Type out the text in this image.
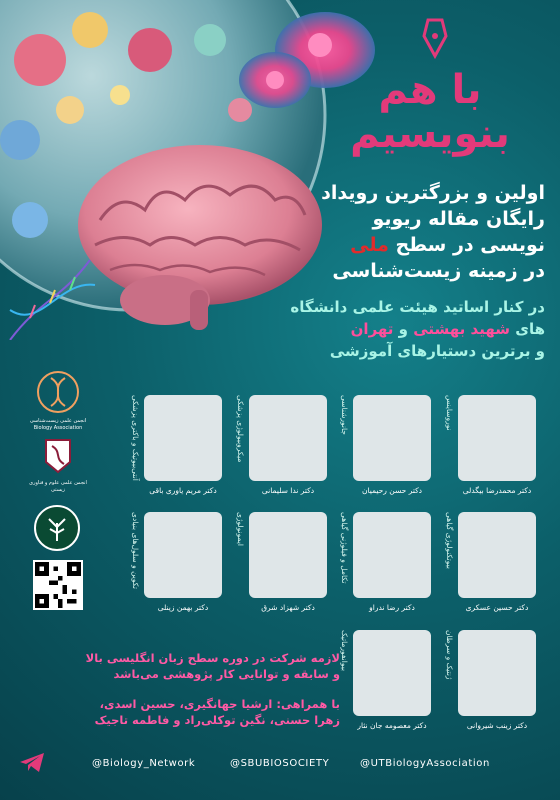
با هم
بنویسیم
اولین و بزرگترین رویداد
رایگان مقاله ریویو
نویسی در سطح ملی
در زمینه زیست‌شناسی
در کنار اساتید هیئت علمی دانشگاه
های شهید بهشتی و تهران
و برترین دستیارهای آموزشی
انجمن علمی زیست‌شناسی Biology Association
انجمن علمی علوم و فناوری زیستی
نوروساینس
دکتر محمدرضا بیگدلی
جانورشناسی
دکتر حسن رحیمیان
میکروبیولوژی پزشکی
دکتر ندا سلیمانی
آنتی‌بیوتیک و باکتری پزشکی
دکتر مریم یاوری باقی
بیوتکنولوژی گیاهی
دکتر حسین عسکری
تکامل و فیلوژنی گیاهی
دکتر رضا ندراو
ایمونولوژی
دکتر شهزاد شرق
تکوین و سلول‌های بنیادی
دکتر بهمن زینلی
ژنتیک و سرطان
دکتر زینب شیروانی
بیوانفورماتیک
دکتر معصومه جان نثار
لازمه شرکت در دوره سطح زبان انگلیسی بالا
و سابقه و توانایی کار پژوهشی می‌باشد
با همراهی: ارشیا جهانگیری، حسین اسدی،
زهرا حسنی، نگین توکلی‌راد و فاطمه تاجیک
@Biology_Network	@SBUBIOSOCIETY	@UTBiologyAssociation
